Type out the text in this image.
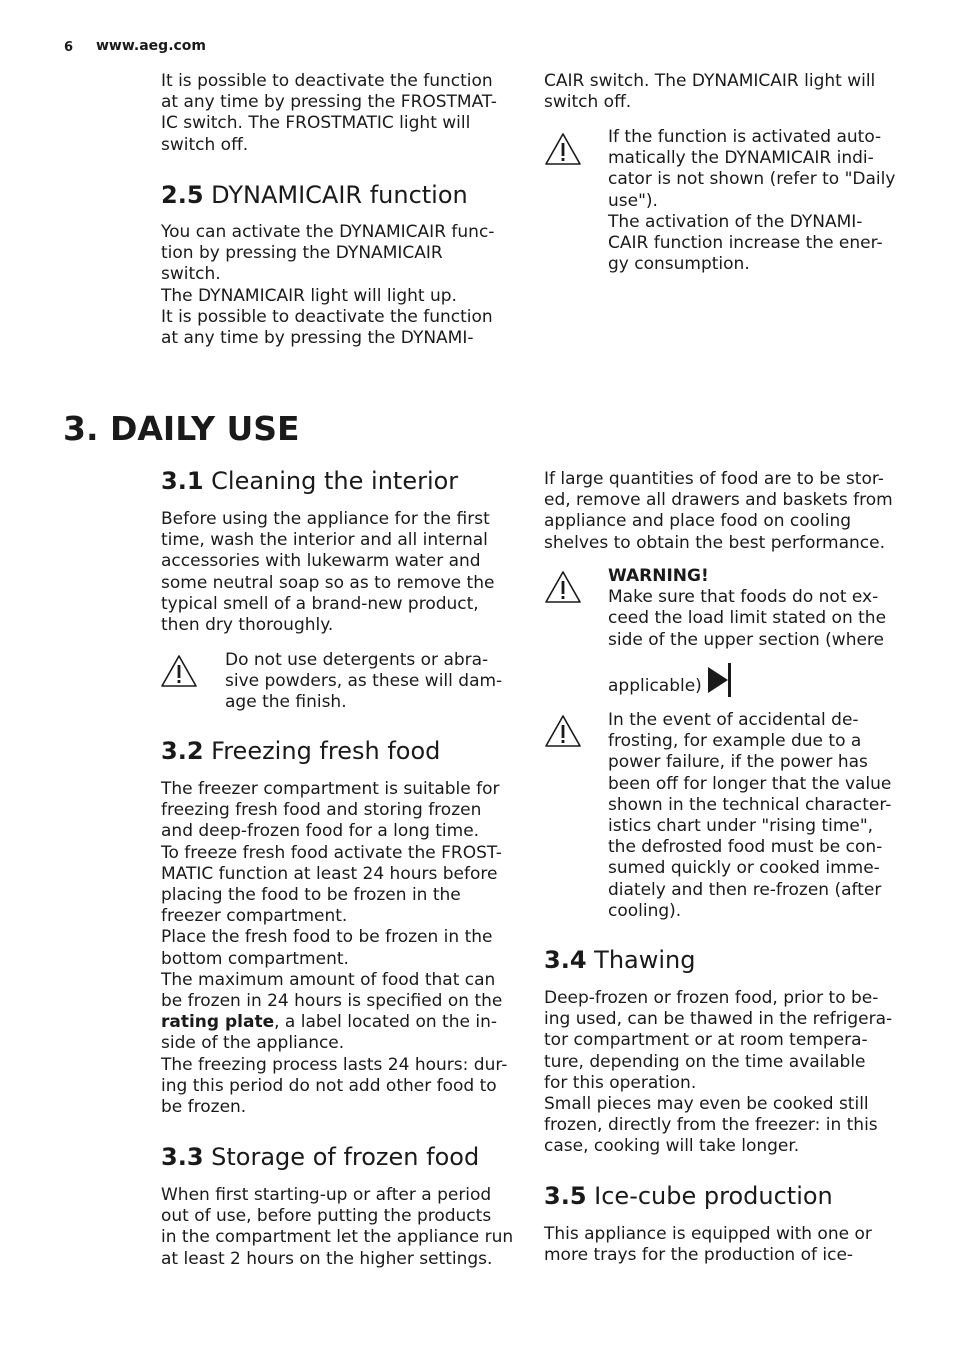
6 www.aeg.com
It is possible to deactivate the function
at any time by pressing the FROSTMAT-
IC switch. The FROSTMATIC light will
switch off.
2.5 DYNAMICAIR function
You can activate the DYNAMICAIR func-
tion by pressing the DYNAMICAIR
switch.
The DYNAMICAIR light will light up.
It is possible to deactivate the function
at any time by pressing the DYNAMI-
CAIR switch. The DYNAMICAIR light will
switch off.
If the function is activated auto-
matically the DYNAMICAIR indi-
cator is not shown (refer to "Daily
use").
The activation of the DYNAMI-
CAIR function increase the ener-
gy consumption.
3. DAILY USE
3.1 Cleaning the interior
Before using the appliance for the first
time, wash the interior and all internal
accessories with lukewarm water and
some neutral soap so as to remove the
typical smell of a brand-new product,
then dry thoroughly.
Do not use detergents or abra-
sive powders, as these will dam-
age the finish.
3.2 Freezing fresh food
The freezer compartment is suitable for
freezing fresh food and storing frozen
and deep-frozen food for a long time.
To freeze fresh food activate the FROST-
MATIC function at least 24 hours before
placing the food to be frozen in the
freezer compartment.
Place the fresh food to be frozen in the
bottom compartment.
The maximum amount of food that can
be frozen in 24 hours is specified on the
rating plate, a label located on the in-
side of the appliance.
The freezing process lasts 24 hours: dur-
ing this period do not add other food to
be frozen.
3.3 Storage of frozen food
When first starting-up or after a period
out of use, before putting the products
in the compartment let the appliance run
at least 2 hours on the higher settings.
If large quantities of food are to be stor-
ed, remove all drawers and baskets from
appliance and place food on cooling
shelves to obtain the best performance.
WARNING!
Make sure that foods do not ex-
ceed the load limit stated on the
side of the upper section (where
applicable)
In the event of accidental de-
frosting, for example due to a
power failure, if the power has
been off for longer that the value
shown in the technical character-
istics chart under "rising time",
the defrosted food must be con-
sumed quickly or cooked imme-
diately and then re-frozen (after
cooling).
3.4 Thawing
Deep-frozen or frozen food, prior to be-
ing used, can be thawed in the refrigera-
tor compartment or at room tempera-
ture, depending on the time available
for this operation.
Small pieces may even be cooked still
frozen, directly from the freezer: in this
case, cooking will take longer.
3.5 Ice-cube production
This appliance is equipped with one or
more trays for the production of ice-
